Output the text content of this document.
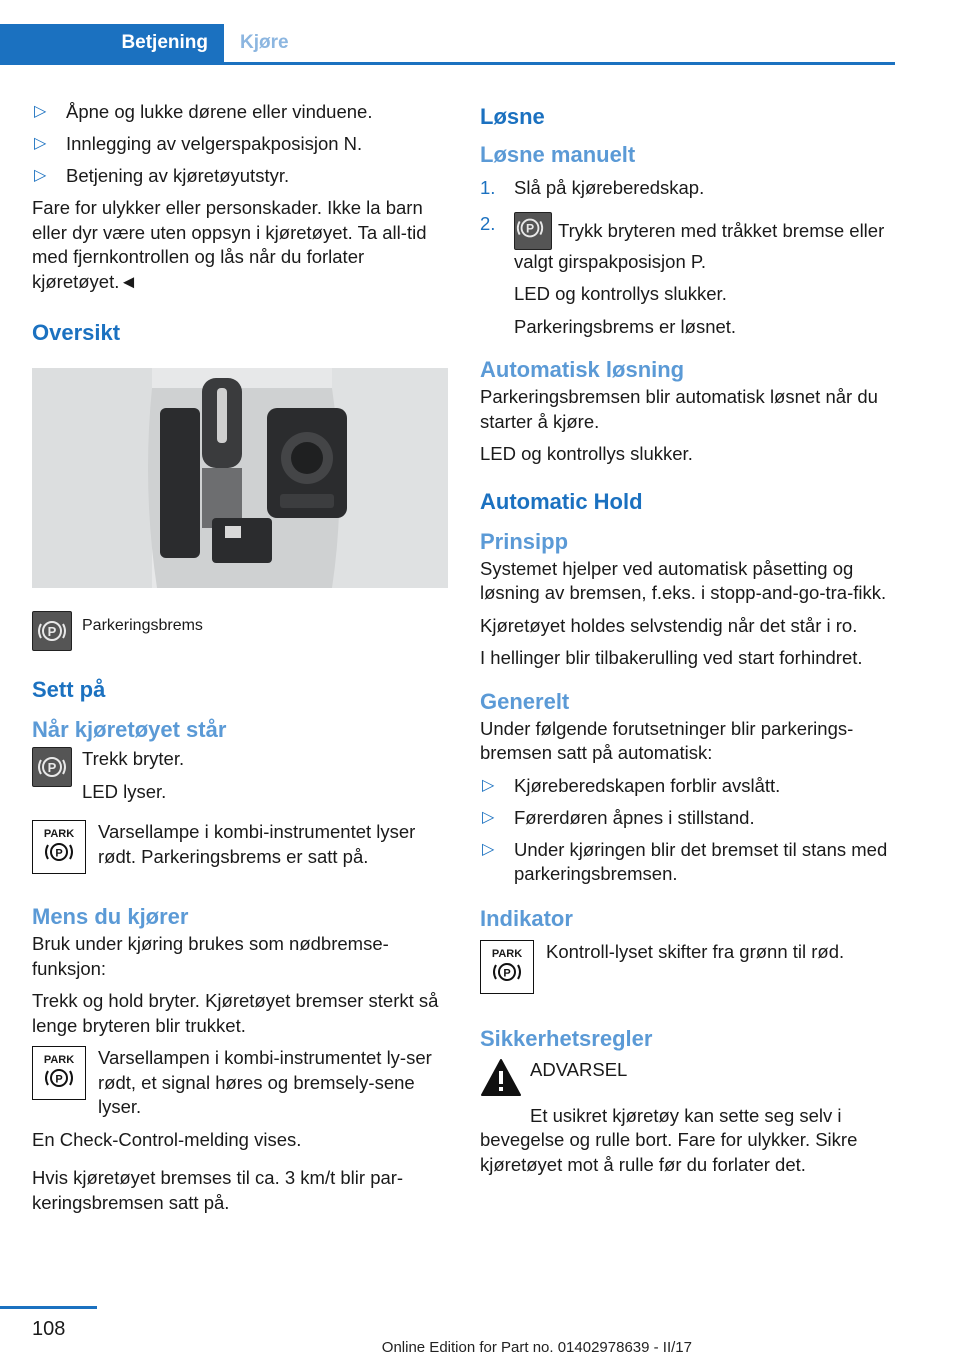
Betjening	Kjøre
▷ Åpne og lukke dørene eller vinduene.
▷ Innlegging av velgerspakposisjon N.
▷ Betjening av kjøretøyutstyr.

Fare for ulykker eller personskader. Ikke la barn eller dyr være uten oppsyn i kjøretøyet. Ta all-tid med fjernkontrollen og lås når du forlater kjøretøyet.◄

Oversikt
P	Parkeringsbrems
Sett på
Når kjøretøyet står
P Trekk bryter.

LED lyser.

PARK
P

Varsellampe i kombi-instrumentet lyser rødt. Parkeringsbrems er satt på.

Mens du kjører

Bruk under kjøring brukes som nødbremse-funksjon:

Trekk og hold bryter. Kjøretøyet bremser sterkt så lenge bryteren blir trukket.

PARK
P

Varsellampen i kombi-instrumentet ly-ser rødt, et signal høres og bremsely-sene lyser.

En Check-Control-melding vises.

Hvis kjøretøyet bremses til ca. 3 km/t blir par-keringsbremsen satt på.

Løsne
Løsne manuelt
1. Slå på kjøreberedskap.
2. P Trykk bryteren med tråkket bremse eller valgt girspakposisjon P.

LED og kontrollys slukker.

Parkeringsbrems er løsnet.

Automatisk løsning

Parkeringsbremsen blir automatisk løsnet når du starter å kjøre.

LED og kontrollys slukker.

Automatic Hold
Prinsipp

Systemet hjelper ved automatisk påsetting og løsning av bremsen, f.eks. i stopp-and-go-tra-fikk.

Kjøretøyet holdes selvstendig når det står i ro.

I hellinger blir tilbakerulling ved start forhindret.

Generelt

Under følgende forutsetninger blir parkerings-bremsen satt på automatisk:

▷ Kjøreberedskapen forblir avslått.
▷ Førerdøren åpnes i stillstand.
▷ Under kjøringen blir det bremset til stans med parkeringsbremsen.
Indikator
PARK
P

Kontroll-lyset skifter fra grønn til rød.

Sikkerhetsregler

ADVARSEL

Et usikret kjøretøy kan sette seg selv i bevegelse og rulle bort. Fare for ulykker. Sikre kjøretøyet mot å rulle før du forlater det.

108
Online Edition for Part no. 01402978639 - II/17
